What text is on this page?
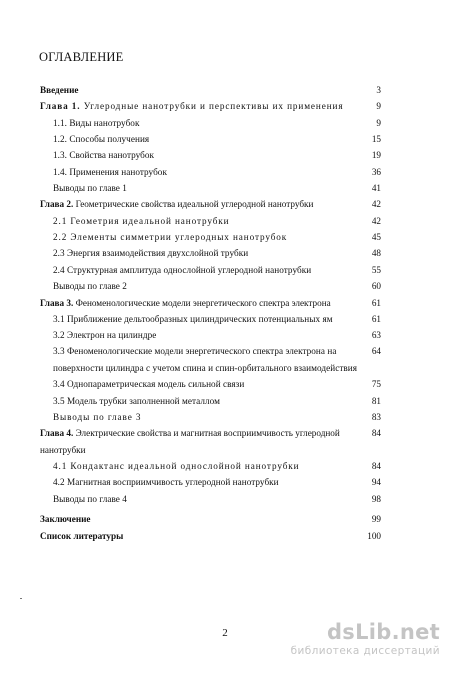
ОГЛАВЛЕНИЕ
Введение	3
Глава 1. Углеродные нанотрубки и перспективы их применения	9
1.1. Виды нанотрубок	9
1.2. Способы получения	15
1.3. Свойства нанотрубок	19
1.4. Применения нанотрубок	36
Выводы по главе 1	41
Глава 2. Геометрические свойства идеальной углеродной нанотрубки	42
2.1 Геометрия идеальной нанотрубки	42
2.2 Элементы симметрии углеродных нанотрубок	45
2.3 Энергия взаимодействия двухслойной трубки	48
2.4 Структурная амплитуда однослойной углеродной нанотрубки	55
Выводы по главе 2	60
Глава 3. Феноменологические модели энергетического спектра электрона	61
3.1 Приближение дельтообразных цилиндрических потенциальных ям	61
3.2 Электрон на цилиндре	63
3.3 Феноменологические модели энергетического спектра электрона на	64
поверхности цилиндра с учетом спина и спин-орбитального взаимодействия
3.4 Однопараметрическая модель сильной связи	75
3.5 Модель трубки заполненной металлом	81
Выводы по главе 3	83
Глава 4. Электрические свойства и магнитная восприимчивость углеродной	84
нанотрубки
4.1 Кондактанс идеальной однослойной нанотрубки	84
4.2 Магнитная восприимчивость углеродной нанотрубки	94
Выводы по главе 4	98
Заключение	99
Список литературы	100
2	dsLib.net
библиотека диссертаций
